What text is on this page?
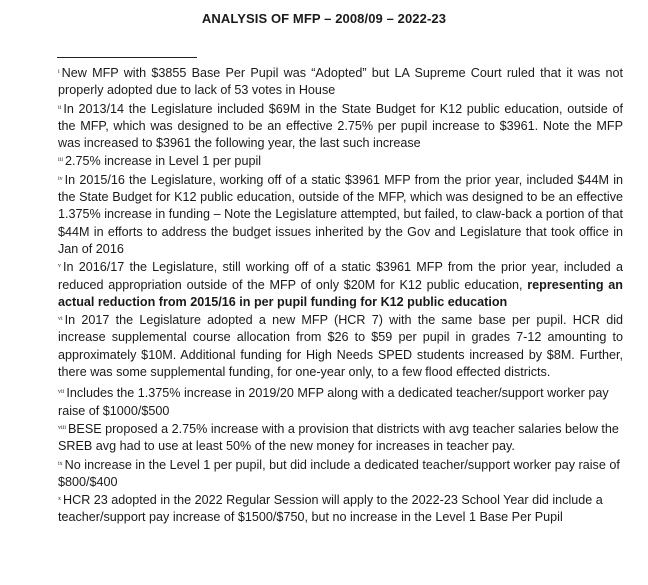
ANALYSIS OF MFP – 2008/09 – 2022-23

$^i$ New MFP with $3855 Base Per Pupil was “Adopted” but LA Supreme Court ruled that it was not properly adopted due to lack of 53 votes in House

$^{ii}$ In 2013/14 the Legislature included $69M in the State Budget for K12 public education, outside of the MFP, which was designed to be an effective 2.75% per pupil increase to $3961. Note the MFP was increased to $3961 the following year, the last such increase

$^{iii}$ 2.75% increase in Level 1 per pupil

$^{iv}$ In 2015/16 the Legislature, working off of a static $3961 MFP from the prior year, included $44M in the State Budget for K12 public education, outside of the MFP, which was designed to be an effective 1.375% increase in funding – Note the Legislature attempted, but failed, to claw-back a portion of that $44M in efforts to address the budget issues inherited by the Gov and Legislature that took office in Jan of 2016

$^v$ In 2016/17 the Legislature, still working off of a static $3961 MFP from the prior year, included a reduced appropriation outside of the MFP of only $20M for K12 public education, representing an actual reduction from 2015/16 in per pupil funding for K12 public education

$^{vi}$ In 2017 the Legislature adopted a new MFP (HCR 7) with the same base per pupil. HCR did increase supplemental course allocation from $26 to $59 per pupil in grades 7-12 amounting to approximately $10M. Additional funding for High Needs SPED students increased by $8M. Further, there was some supplemental funding, for one-year only, to a few flood effected districts.

$^{vii}$ Includes the 1.375% increase in 2019/20 MFP along with a dedicated teacher/support worker pay raise of $1000/$500

$^{viii}$ BESE proposed a 2.75% increase with a provision that districts with avg teacher salaries below the SREB avg had to use at least 50% of the new money for increases in teacher pay.

$^{ix}$ No increase in the Level 1 per pupil, but did include a dedicated teacher/support worker pay raise of $800/$400

$^x$ HCR 23 adopted in the 2022 Regular Session will apply to the 2022-23 School Year did include a teacher/support pay increase of $1500/$750, but no increase in the Level 1 Base Per Pupil
